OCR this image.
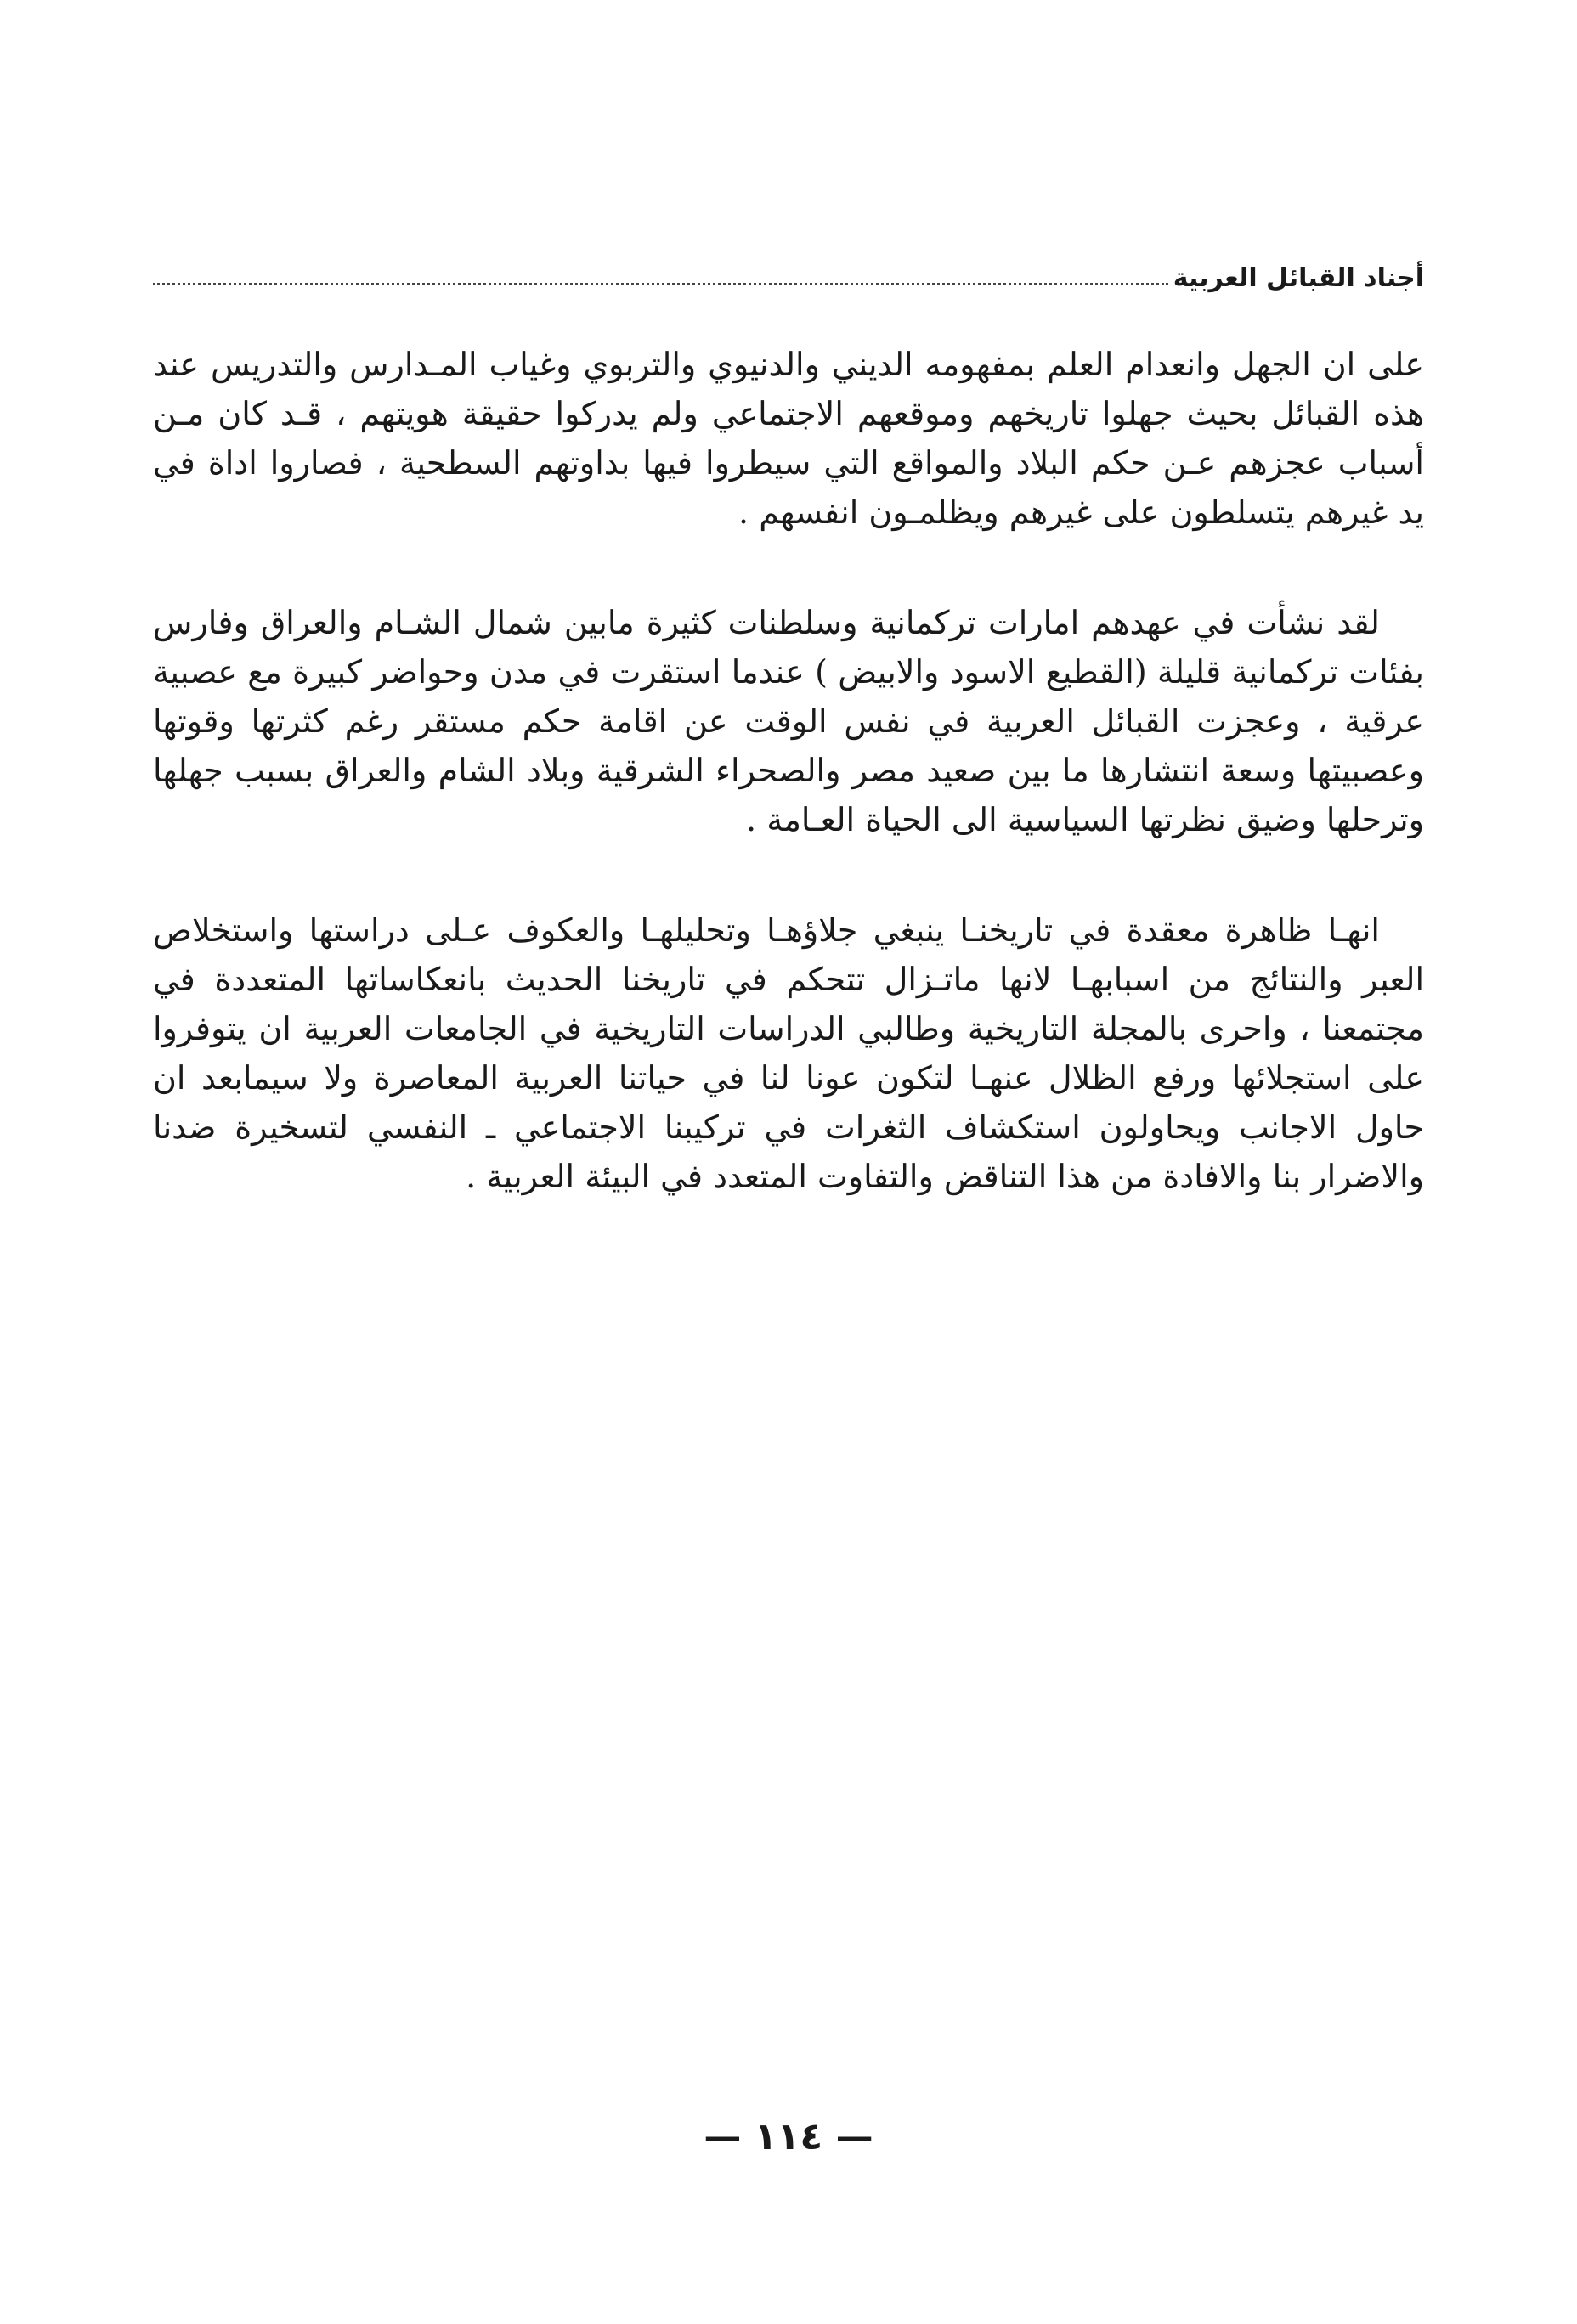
أجناد القبائل العربية

على ان الجهل وانعدام العلم بمفهومه الديني والدنيوي والتربوي وغياب المـدارس والتدريس عند هذه القبائل بحيث جهلوا تاريخهم وموقعهم الاجتماعي ولم يدركوا حقيقة هويتهم ، قـد كان مـن أسباب عجزهم عـن حكم البلاد والمواقع التي سيطروا فيها بداوتهم السطحية ، فصاروا اداة في يد غيرهم يتسلطون على غيرهم ويظلمـون انفسهم .

لقد نشأت في عهدهم امارات تركمانية وسلطنات كثيرة مابين شمال الشـام والعراق وفارس بفئات تركمانية قليلة (القطيع الاسود والابيض ) عندما استقرت في مدن وحواضر كبيرة مع عصبية عرقية ، وعجزت القبائل العربية في نفس الوقت عن اقامة حكم مستقر رغم كثرتها وقوتها وعصبيتها وسعة انتشارها ما بين صعيد مصر والصحراء الشرقية وبلاد الشام والعراق بسبب جهلها وترحلها وضيق نظرتها السياسية الى الحياة العـامة .

انهـا ظاهرة معقدة في تاريخنـا ينبغي جلاؤهـا وتحليلهـا والعكوف عـلى دراستها واستخلاص العبر والنتائج من اسبابهـا لانها ماتـزال تتحكم في تاريخنا الحديث بانعكاساتها المتعددة في مجتمعنا ، واحرى بالمجلة التاريخية وطالبي الدراسات التاريخية في الجامعات العربية ان يتوفروا على استجلائها ورفع الظلال عنهـا لتكون عونا لنا في حياتنا العربية المعاصرة ولا سيمابعد ان حاول الاجانب ويحاولون استكشاف الثغرات في تركيبنا الاجتماعي ـ النفسي لتسخيرة ضدنا والاضرار بنا والافادة من هذا التناقض والتفاوت المتعدد في البيئة العربية .

— ١١٤ —
